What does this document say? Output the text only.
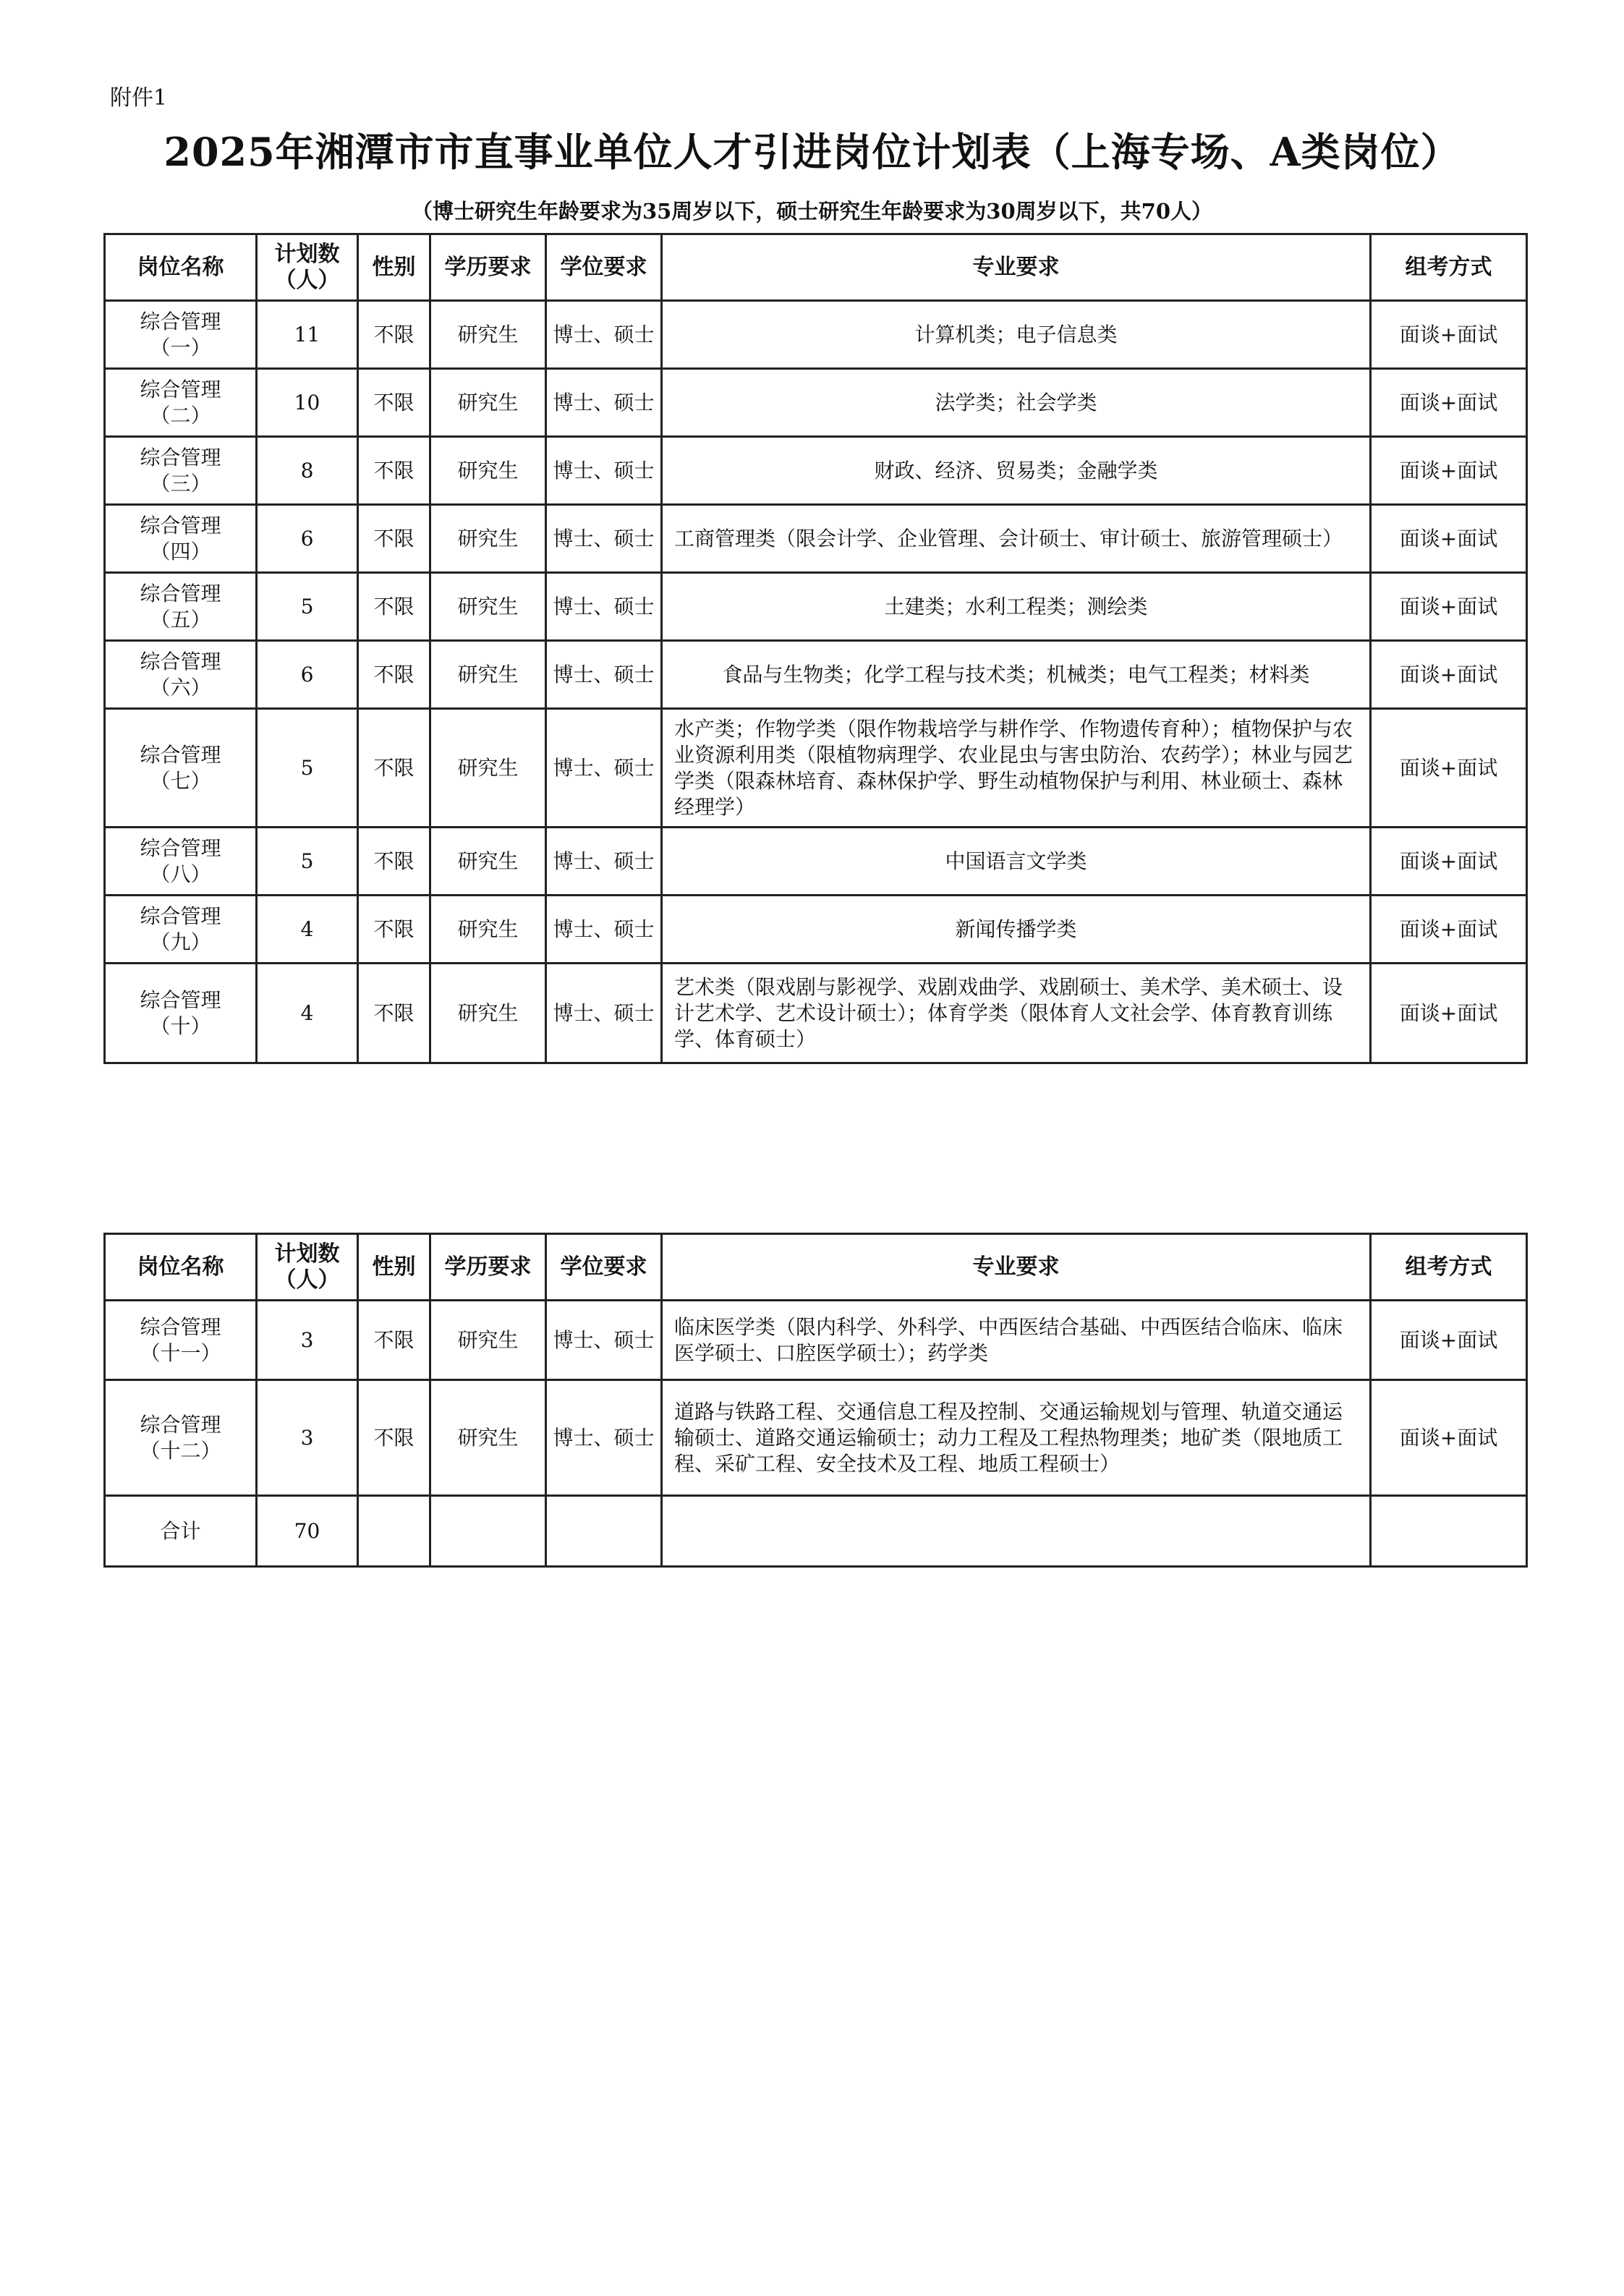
附件1
2025年湘潭市市直事业单位人才引进岗位计划表（上海专场、A类岗位）
（博士研究生年龄要求为35周岁以下，硕士研究生年龄要求为30周岁以下，共70人）
岗位名称	计划数
（人）	性别	学历要求	学位要求	专业要求	组考方式

综合管理
（一）	11	不限	研究生	博士、硕士	计算机类；电子信息类	面谈+面试

综合管理
（二）	10	不限	研究生	博士、硕士	法学类；社会学类	面谈+面试

综合管理
（三）	8	不限	研究生	博士、硕士	财政、经济、贸易类；金融学类	面谈+面试

综合管理
（四）	6	不限	研究生	博士、硕士	工商管理类（限会计学、企业管理、会计硕士、审计硕士、旅游管理硕士）	面谈+面试

综合管理
（五）	5	不限	研究生	博士、硕士	土建类；水利工程类；测绘类	面谈+面试

综合管理
（六）	6	不限	研究生	博士、硕士	食品与生物类；化学工程与技术类；机械类；电气工程类；材料类	面谈+面试

综合管理
（七）	5	不限	研究生	博士、硕士	水产类；作物学类（限作物栽培学与耕作学、作物遗传育种）；植物保护与农业资源利用类（限植物病理学、农业昆虫与害虫防治、农药学）；林业与园艺学类（限森林培育、森林保护学、野生动植物保护与利用、林业硕士、森林经理学）	面谈+面试

综合管理
（八）	5	不限	研究生	博士、硕士	中国语言文学类	面谈+面试

综合管理
（九）	4	不限	研究生	博士、硕士	新闻传播学类	面谈+面试

综合管理
（十）	4	不限	研究生	博士、硕士	艺术类（限戏剧与影视学、戏剧戏曲学、戏剧硕士、美术学、美术硕士、设计艺术学、艺术设计硕士）；体育学类（限体育人文社会学、体育教育训练学、体育硕士）	面谈+面试
岗位名称	计划数
（人）	性别	学历要求	学位要求	专业要求	组考方式

综合管理
（十一）	3	不限	研究生	博士、硕士	临床医学类（限内科学、外科学、中西医结合基础、中西医结合临床、临床医学硕士、口腔医学硕士）；药学类	面谈+面试

综合管理
（十二）	3	不限	研究生	博士、硕士	道路与铁路工程、交通信息工程及控制、交通运输规划与管理、轨道交通运输硕士、道路交通运输硕士；动力工程及工程热物理类；地矿类（限地质工程、采矿工程、安全技术及工程、地质工程硕士）	面谈+面试
合计	70					
